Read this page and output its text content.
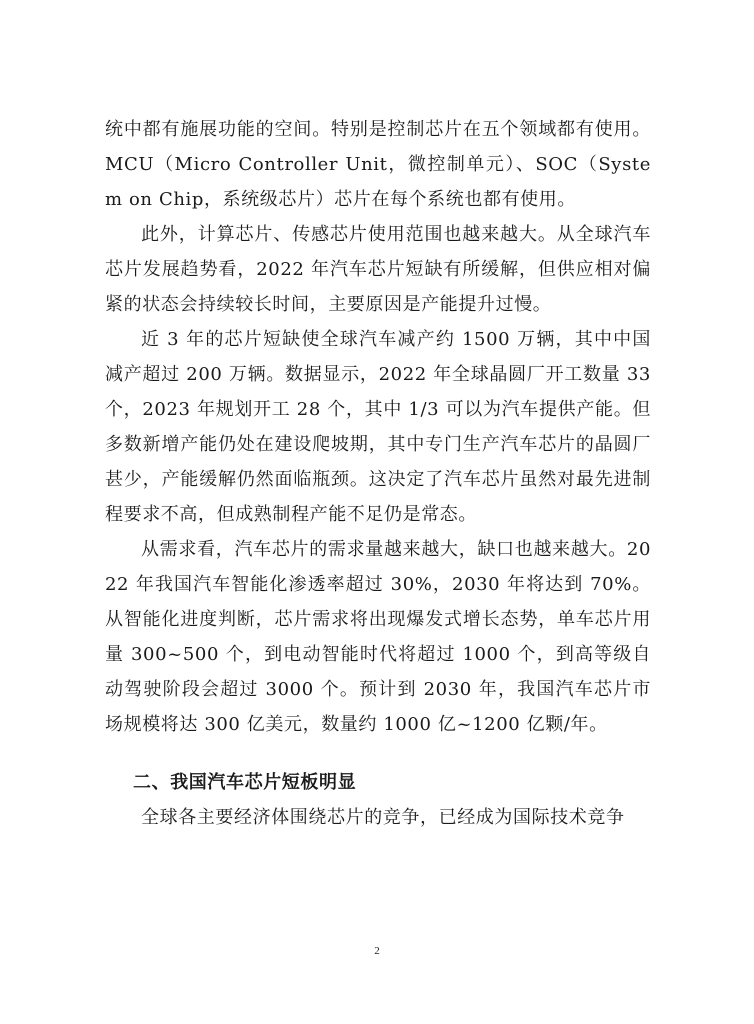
统中都有施展功能的空间。特别是控制芯片在五个领域都有使用。MCU（Micro Controller Unit，微控制单元）、SOC（System on Chip，系统级芯片）芯片在每个系统也都有使用。

此外，计算芯片、传感芯片使用范围也越来越大。从全球汽车芯片发展趋势看，2022 年汽车芯片短缺有所缓解，但供应相对偏紧的状态会持续较长时间，主要原因是产能提升过慢。

近 3 年的芯片短缺使全球汽车减产约 1500 万辆，其中中国减产超过 200 万辆。数据显示，2022 年全球晶圆厂开工数量 33 个，2023 年规划开工 28 个，其中 1/3 可以为汽车提供产能。但多数新增产能仍处在建设爬坡期，其中专门生产汽车芯片的晶圆厂甚少，产能缓解仍然面临瓶颈。这决定了汽车芯片虽然对最先进制程要求不高，但成熟制程产能不足仍是常态。

从需求看，汽车芯片的需求量越来越大，缺口也越来越大。2022 年我国汽车智能化渗透率超过 30%，2030 年将达到 70%。从智能化进度判断，芯片需求将出现爆发式增长态势，单车芯片用量 300~500 个，到电动智能时代将超过 1000 个，到高等级自动驾驶阶段会超过 3000 个。预计到 2030 年，我国汽车芯片市场规模将达 300 亿美元，数量约 1000 亿~1200 亿颗/年。

二、我国汽车芯片短板明显

全球各主要经济体围绕芯片的竞争，已经成为国际技术竞争

2
